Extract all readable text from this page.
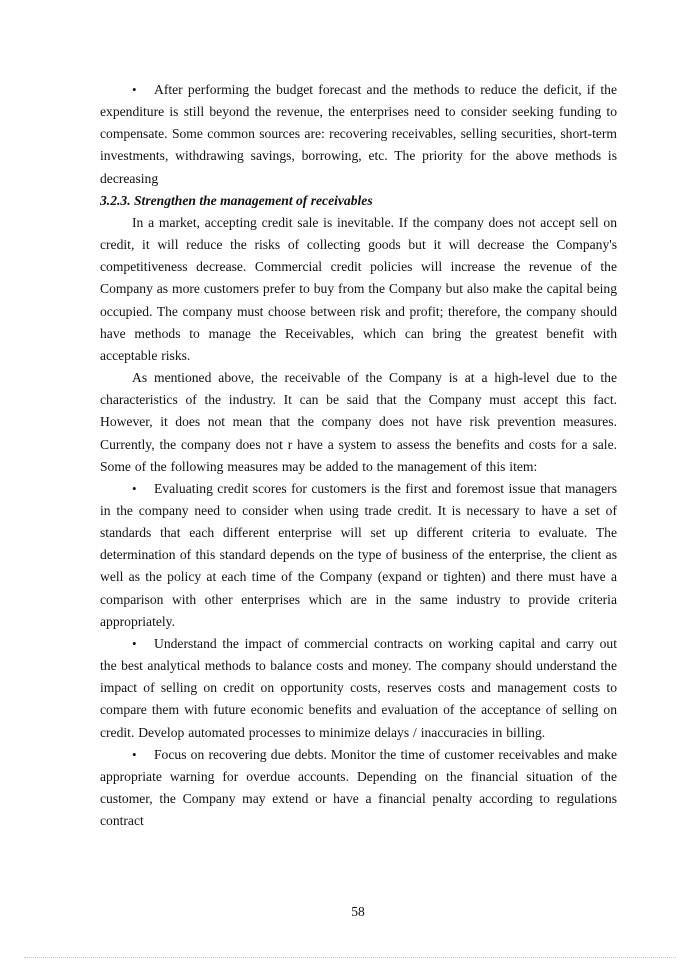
• After performing the budget forecast and the methods to reduce the deficit, if the expenditure is still beyond the revenue, the enterprises need to consider seeking funding to compensate. Some common sources are: recovering receivables, selling securities, short-term investments, withdrawing savings, borrowing, etc. The priority for the above methods is decreasing

3.2.3. Strengthen the management of receivables

In a market, accepting credit sale is inevitable. If the company does not accept sell on credit, it will reduce the risks of collecting goods but it will decrease the Company's competitiveness decrease. Commercial credit policies will increase the revenue of the Company as more customers prefer to buy from the Company but also make the capital being occupied. The company must choose between risk and profit; therefore, the company should have methods to manage the Receivables, which can bring the greatest benefit with acceptable risks.

As mentioned above, the receivable of the Company is at a high-level due to the characteristics of the industry. It can be said that the Company must accept this fact. However, it does not mean that the company does not have risk prevention measures. Currently, the company does not r have a system to assess the benefits and costs for a sale. Some of the following measures may be added to the management of this item:

• Evaluating credit scores for customers is the first and foremost issue that managers in the company need to consider when using trade credit. It is necessary to have a set of standards that each different enterprise will set up different criteria to evaluate. The determination of this standard depends on the type of business of the enterprise, the client as well as the policy at each time of the Company (expand or tighten) and there must have a comparison with other enterprises which are in the same industry to provide criteria appropriately.

• Understand the impact of commercial contracts on working capital and carry out the best analytical methods to balance costs and money. The company should understand the impact of selling on credit on opportunity costs, reserves costs and management costs to compare them with future economic benefits and evaluation of the acceptance of selling on credit. Develop automated processes to minimize delays / inaccuracies in billing.

• Focus on recovering due debts. Monitor the time of customer receivables and make appropriate warning for overdue accounts. Depending on the financial situation of the customer, the Company may extend or have a financial penalty according to regulations contract

58
